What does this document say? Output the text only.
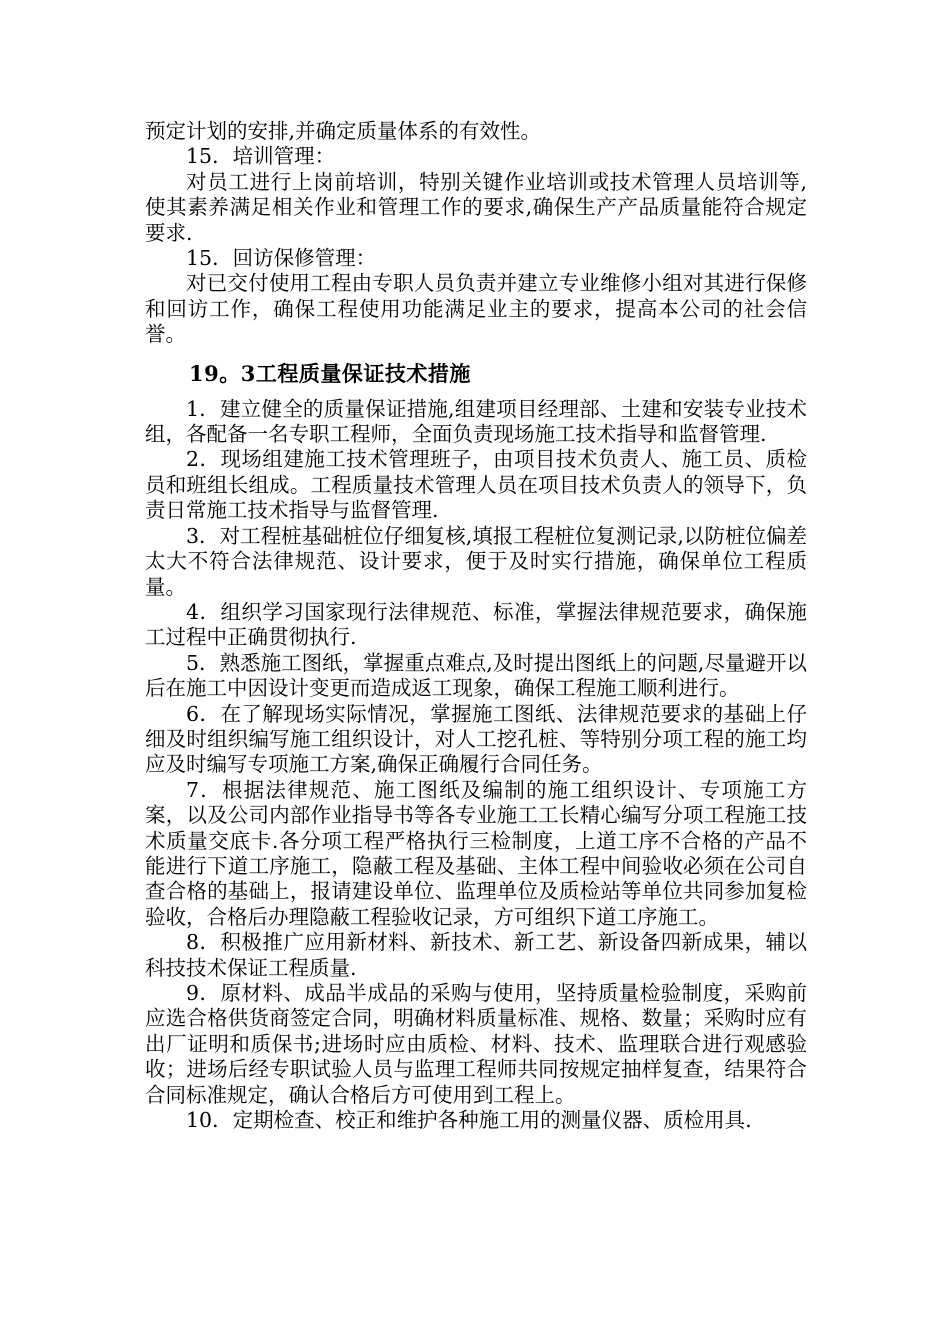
预定计划的安排,并确定质量体系的有效性。

15．培训管理：

对员工进行上岗前培训，特别关键作业培训或技术管理人员培训等,使其素养满足相关作业和管理工作的要求,确保生产产品质量能符合规定要求.

15．回访保修管理：

对已交付使用工程由专职人员负责并建立专业维修小组对其进行保修和回访工作，确保工程使用功能满足业主的要求，提高本公司的社会信誉。

19。3工程质量保证技术措施

1．建立健全的质量保证措施,组建项目经理部、土建和安装专业技术组，各配备一名专职工程师，全面负责现场施工技术指导和监督管理.

2．现场组建施工技术管理班子，由项目技术负责人、施工员、质检员和班组长组成。工程质量技术管理人员在项目技术负责人的领导下，负责日常施工技术指导与监督管理.

3．对工程桩基础桩位仔细复核,填报工程桩位复测记录,以防桩位偏差太大不符合法律规范、设计要求，便于及时实行措施，确保单位工程质量。

4．组织学习国家现行法律规范、标准，掌握法律规范要求，确保施工过程中正确贯彻执行.

5．熟悉施工图纸，掌握重点难点,及时提出图纸上的问题,尽量避开以后在施工中因设计变更而造成返工现象，确保工程施工顺利进行。

6．在了解现场实际情况，掌握施工图纸、法律规范要求的基础上仔细及时组织编写施工组织设计，对人工挖孔桩、等特别分项工程的施工均应及时编写专项施工方案,确保正确履行合同任务。

7．根据法律规范、施工图纸及编制的施工组织设计、专项施工方案，以及公司内部作业指导书等各专业施工工长精心编写分项工程施工技术质量交底卡.各分项工程严格执行三检制度，上道工序不合格的产品不能进行下道工序施工，隐蔽工程及基础、主体工程中间验收必须在公司自查合格的基础上，报请建设单位、监理单位及质检站等单位共同参加复检验收，合格后办理隐蔽工程验收记录，方可组织下道工序施工。

8．积极推广应用新材料、新技术、新工艺、新设备四新成果，辅以科技技术保证工程质量.

9．原材料、成品半成品的采购与使用，坚持质量检验制度，采购前应选合格供货商签定合同，明确材料质量标准、规格、数量；采购时应有出厂证明和质保书;进场时应由质检、材料、技术、监理联合进行观感验收；进场后经专职试验人员与监理工程师共同按规定抽样复查，结果符合合同标准规定，确认合格后方可使用到工程上。

10．定期检查、校正和维护各种施工用的测量仪器、质检用具.
